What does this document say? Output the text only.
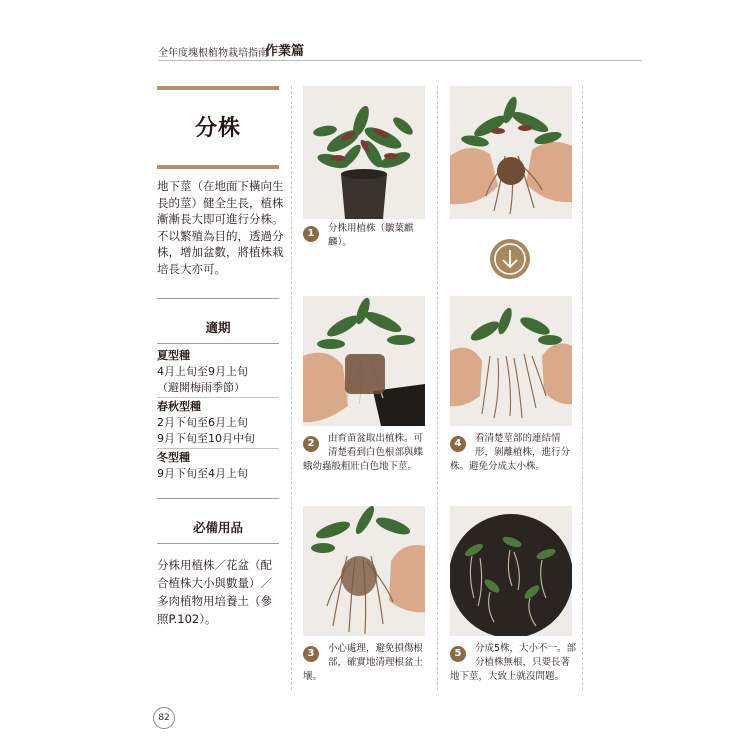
全年度塊根植物栽培指南
作業篇
分株
地下莖（在地面下橫向生
長的莖）健全生長，植株
漸漸長大即可進行分株。
不以繁殖為目的，透過分
株，增加盆數，將植株栽
培長大亦可。
適期
夏型種
4月上旬至9月上旬
（避開梅雨季節）
春秋型種
2月下旬至6月上旬
9月下旬至10月中旬
冬型種
9月下旬至4月上旬
必備用品
分株用植株／花盆（配
合植株大小與數量）／
多肉植物用培養土（參
照P.102）。
1	分株用植株（皺葉麒
麟）。
2	由育苗盆取出植株。可
清楚看到白色根部與蝶
蛾幼蟲般粗壯白色地下莖。
4	看清楚莖部的連結情
形，剝離植株，進行分
株。避免分成太小株。
3	小心處理，避免損傷根
部，確實地清理根盆土
壤。
5	分成5株，大小不一。部
分植株無根，只要長著
地下莖，大致上就沒問題。
82
